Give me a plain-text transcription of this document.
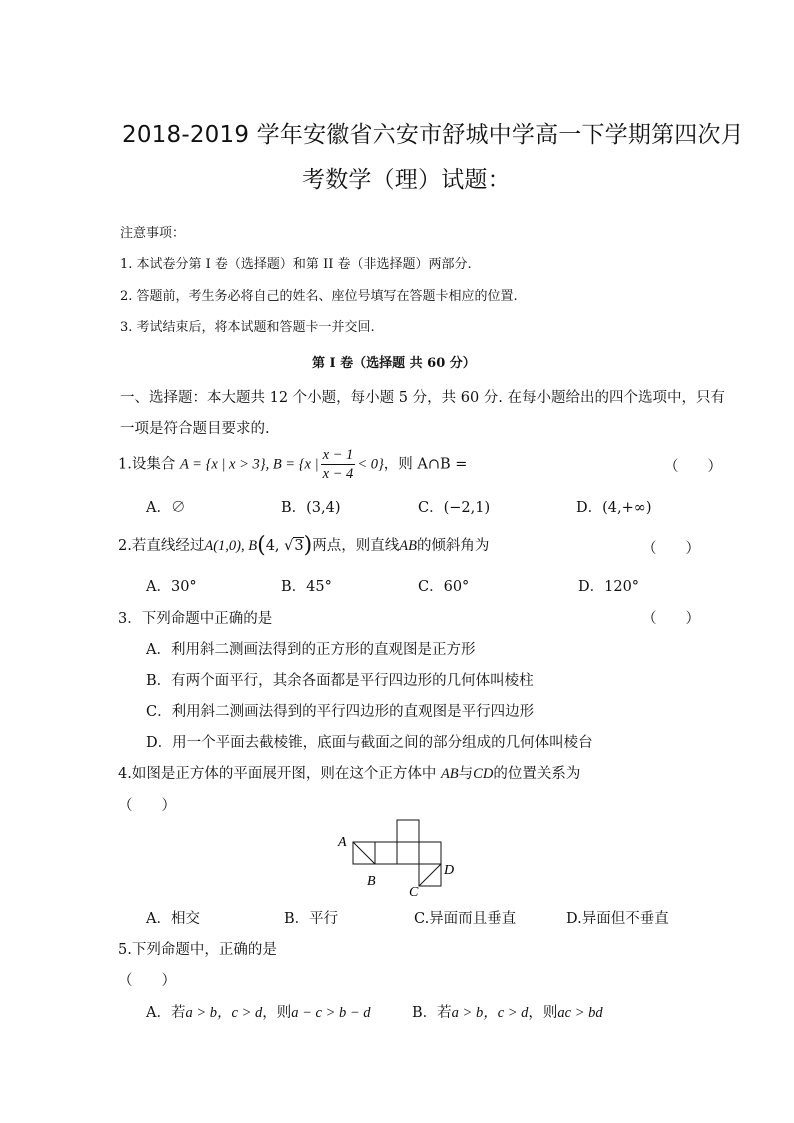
2018-2019 学年安徽省六安市舒城中学高一下学期第四次月
考数学（理）试题：
注意事项：
1. 本试卷分第 I 卷（选择题）和第 II 卷（非选择题）两部分.
2. 答题前，考生务必将自己的姓名、座位号填写在答题卡相应的位置.
3. 考试结束后，将本试题和答题卡一并交回.
第 I 卷（选择题 共 60 分）
一、选择题：本大题共 12 个小题，每小题 5 分，共 60 分. 在每小题给出的四个选项中，只有
一项是符合题目要求的.
1.设集合 A = {x | x > 3}, B = {x | $\frac{x - 1}{x - 4} < 0$}，则 A∩B =	（　　）
A．∅	B．(3,4)	C．(−2,1)	D．(4,+∞)
2.若直线经过A(1,0), B(4, √3)两点，则直线AB的倾斜角为	（　　）
A．30°	B．45°	C．60°	D．120°
3．下列命题中正确的是	（　　）
A．利用斜二测画法得到的正方形的直观图是正方形
B．有两个面平行，其余各面都是平行四边形的几何体叫棱柱
C．利用斜二测画法得到的平行四边形的直观图是平行四边形
D．用一个平面去截棱锥，底面与截面之间的部分组成的几何体叫棱台
4.如图是正方体的平面展开图，则在这个正方体中 AB与CD的位置关系为
（　　）
A
B
C
D
A．相交	B．平行	C.异面而且垂直	D.异面但不垂直
5.下列命题中，正确的是
（　　）
A．若a > b，c > d，则a − c > b − d	B．若a > b，c > d，则ac > bd
